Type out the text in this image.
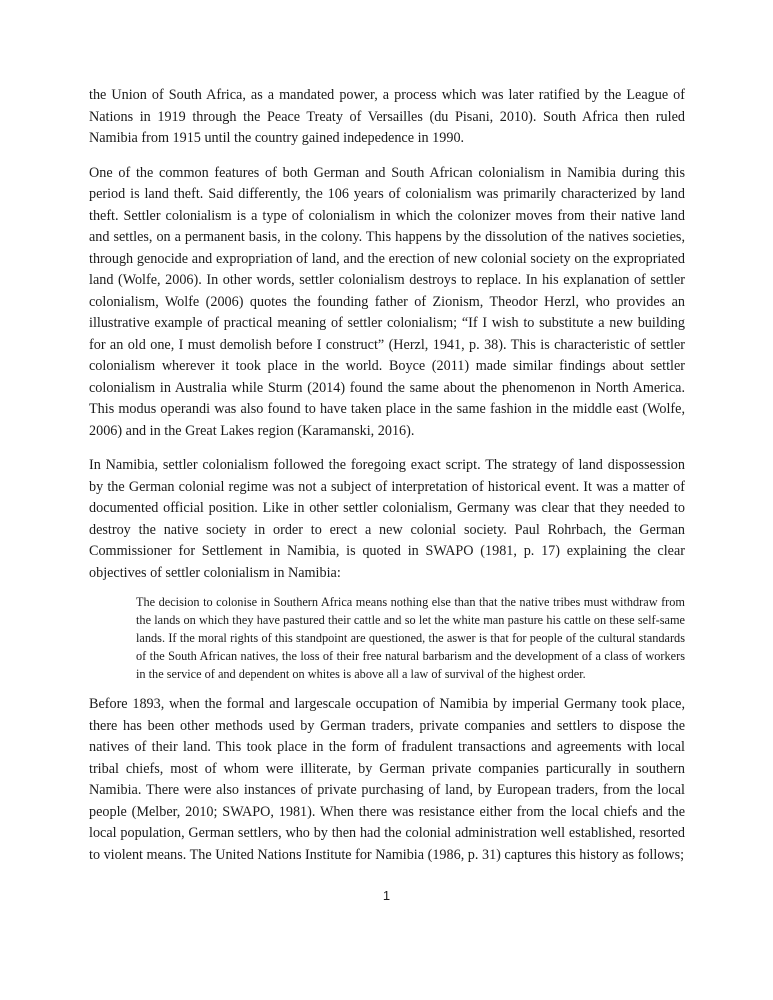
the Union of South Africa, as a mandated power, a process which was later ratified by the League of Nations in 1919 through the Peace Treaty of Versailles (du Pisani, 2010). South Africa then ruled Namibia from 1915 until the country gained indepedence in 1990.

One of the common features of both German and South African colonialism in Namibia during this period is land theft. Said differently, the 106 years of colonialism was primarily characterized by land theft. Settler colonialism is a type of colonialism in which the colonizer moves from their native land and settles, on a permanent basis, in the colony. This happens by the dissolution of the natives societies, through genocide and expropriation of land, and the erection of new colonial society on the expropriated land (Wolfe, 2006). In other words, settler colonialism destroys to replace. In his explanation of settler colonialism, Wolfe (2006) quotes the founding father of Zionism, Theodor Herzl, who provides an illustrative example of practical meaning of settler colonialism; “If I wish to substitute a new building for an old one, I must demolish before I construct” (Herzl, 1941, p. 38). This is characteristic of settler colonialism wherever it took place in the world. Boyce (2011) made similar findings about settler colonialism in Australia while Sturm (2014) found the same about the phenomenon in North America. This modus operandi was also found to have taken place in the same fashion in the middle east (Wolfe, 2006) and in the Great Lakes region (Karamanski, 2016).

In Namibia, settler colonialism followed the foregoing exact script. The strategy of land dispossession by the German colonial regime was not a subject of interpretation of historical event. It was a matter of documented official position. Like in other settler colonialism, Germany was clear that they needed to destroy the native society in order to erect a new colonial society. Paul Rohrbach, the German Commissioner for Settlement in Namibia, is quoted in SWAPO (1981, p. 17) explaining the clear objectives of settler colonialism in Namibia:

The decision to colonise in Southern Africa means nothing else than that the native tribes must withdraw from the lands on which they have pastured their cattle and so let the white man pasture his cattle on these self-same lands. If the moral rights of this standpoint are questioned, the aswer is that for people of the cultural standards of the South African natives, the loss of their free natural barbarism and the development of a class of workers in the service of and dependent on whites is above all a law of survival of the highest order.

Before 1893, when the formal and largescale occupation of Namibia by imperial Germany took place, there has been other methods used by German traders, private companies and settlers to dispose the natives of their land. This took place in the form of fradulent transactions and agreements with local tribal chiefs, most of whom were illiterate, by German private companies particurally in southern Namibia. There were also instances of private purchasing of land, by European traders, from the local people (Melber, 2010; SWAPO, 1981). When there was resistance either from the local chiefs and the local population, German settlers, who by then had the colonial administration well established, resorted to violent means. The United Nations Institute for Namibia (1986, p. 31) captures this history as follows;

1
